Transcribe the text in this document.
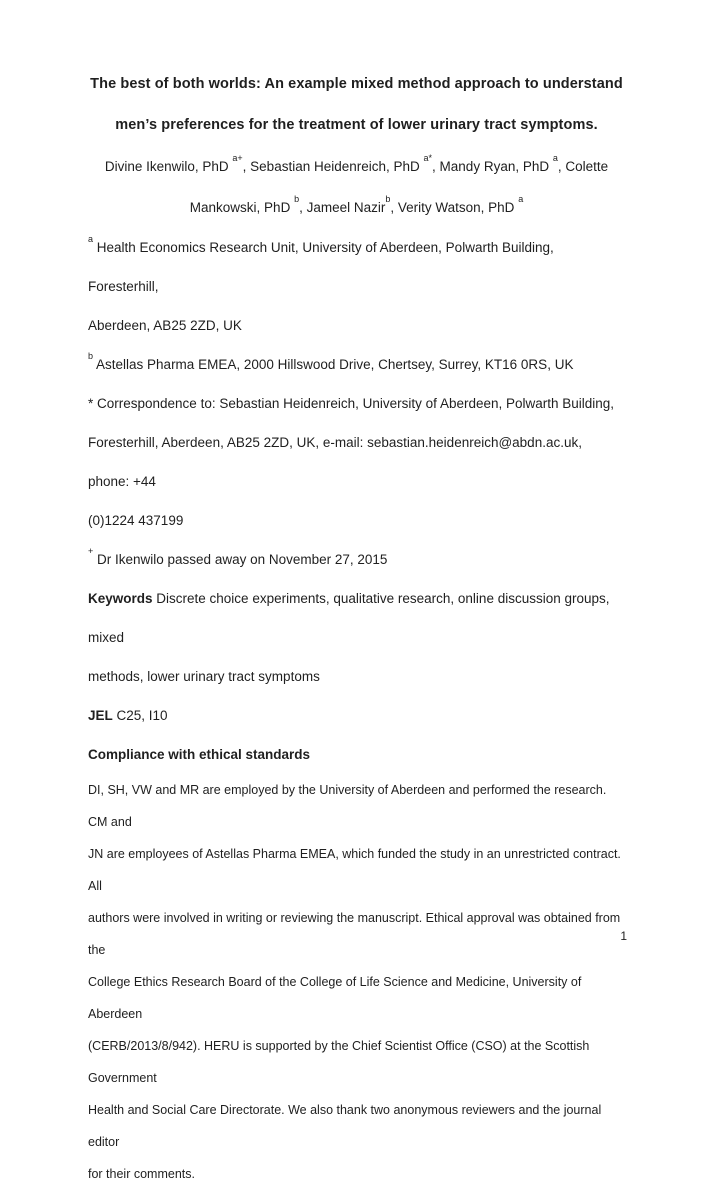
The best of both worlds: An example mixed method approach to understand
men’s preferences for the treatment of lower urinary tract symptoms.

Divine Ikenwilo, PhD $^{a+}$, Sebastian Heidenreich, PhD $^{a*}$, Mandy Ryan, PhD $^a$, Colette
Mankowski, PhD $^b$, Jameel Nazir$^b$, Verity Watson, PhD $^a$

$^a$ Health Economics Research Unit, University of Aberdeen, Polwarth Building, Foresterhill,
Aberdeen, AB25 2ZD, UK

$^b$ Astellas Pharma EMEA, 2000 Hillswood Drive, Chertsey, Surrey, KT16 0RS, UK

* Correspondence to: Sebastian Heidenreich, University of Aberdeen, Polwarth Building,
Foresterhill, Aberdeen, AB25 2ZD, UK, e-mail: sebastian.heidenreich@abdn.ac.uk, phone: +44
(0)1224 437199

+ Dr Ikenwilo passed away on November 27, 2015

Keywords Discrete choice experiments, qualitative research, online discussion groups, mixed
methods, lower urinary tract symptoms

JEL C25, I10

Compliance with ethical standards

DI, SH, VW and MR are employed by the University of Aberdeen and performed the research. CM and
JN are employees of Astellas Pharma EMEA, which funded the study in an unrestricted contract. All
authors were involved in writing or reviewing the manuscript. Ethical approval was obtained from the
College Ethics Research Board of the College of Life Science and Medicine, University of Aberdeen
(CERB/2013/8/942). HERU is supported by the Chief Scientist Office (CSO) at the Scottish Government
Health and Social Care Directorate. We also thank two anonymous reviewers and the journal editor
for their comments.
1
